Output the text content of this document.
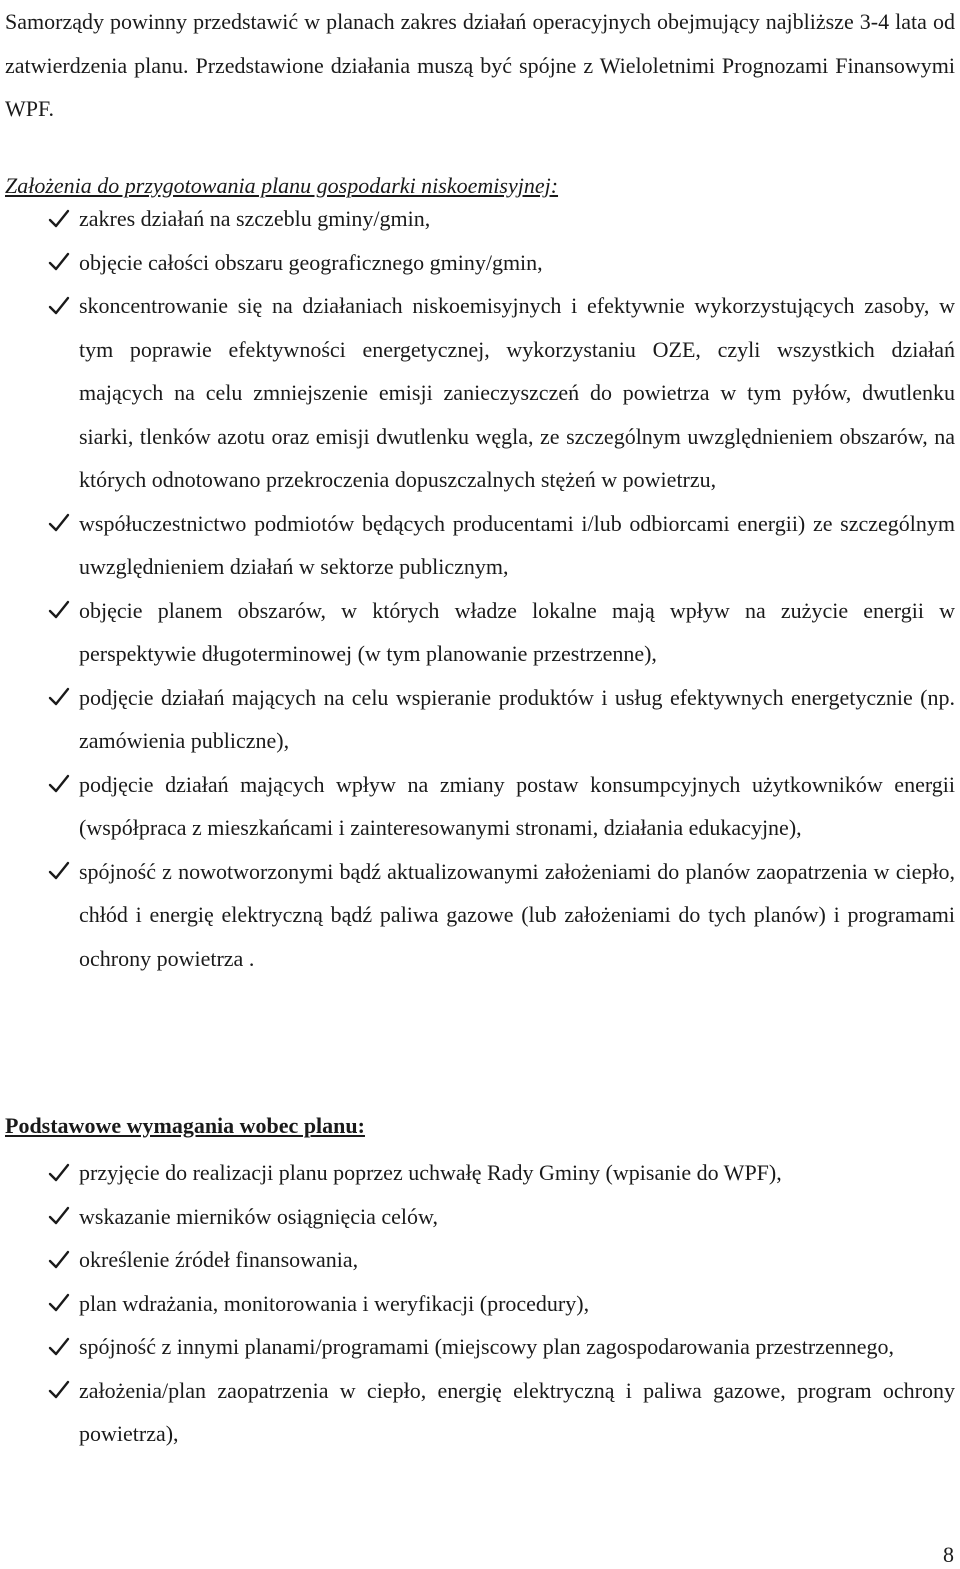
Samorządy powinny przedstawić w planach zakres działań operacyjnych obejmujący najbliższe 3-4 lata od zatwierdzenia planu. Przedstawione działania muszą być spójne z Wieloletnimi Prognozami Finansowymi WPF.

Założenia do przygotowania planu gospodarki niskoemisyjnej:
zakres działań na szczeblu gminy/gmin,
objęcie całości obszaru geograficznego gminy/gmin,
skoncentrowanie się na działaniach niskoemisyjnych i efektywnie wykorzystujących zasoby, w tym poprawie efektywności energetycznej, wykorzystaniu OZE, czyli wszystkich działań mających na celu zmniejszenie emisji zanieczyszczeń do powietrza w tym pyłów, dwutlenku siarki, tlenków azotu oraz emisji dwutlenku węgla, ze szczególnym uwzględnieniem obszarów, na których odnotowano przekroczenia dopuszczalnych stężeń w powietrzu,
współuczestnictwo podmiotów będących producentami i/lub odbiorcami energii) ze szczególnym uwzględnieniem działań w sektorze publicznym,
objęcie planem obszarów, w których władze lokalne mają wpływ na zużycie energii w perspektywie długoterminowej (w tym planowanie przestrzenne),
podjęcie działań mających na celu wspieranie produktów i usług efektywnych energetycznie (np. zamówienia publiczne),
podjęcie działań mających wpływ na zmiany postaw konsumpcyjnych użytkowników energii (współpraca z mieszkańcami i zainteresowanymi stronami, działania edukacyjne),
spójność z nowotworzonymi bądź aktualizowanymi założeniami do planów zaopatrzenia w ciepło, chłód i energię elektryczną bądź paliwa gazowe (lub założeniami do tych planów) i programami ochrony powietrza .
Podstawowe wymagania wobec planu:
przyjęcie do realizacji planu poprzez uchwałę Rady Gminy (wpisanie do WPF),
wskazanie mierników osiągnięcia celów,
określenie źródeł finansowania,
plan wdrażania, monitorowania i weryfikacji (procedury),
spójność z innymi planami/programami (miejscowy plan zagospodarowania przestrzennego,
założenia/plan zaopatrzenia w ciepło, energię elektryczną i paliwa gazowe, program ochrony powietrza),
8
